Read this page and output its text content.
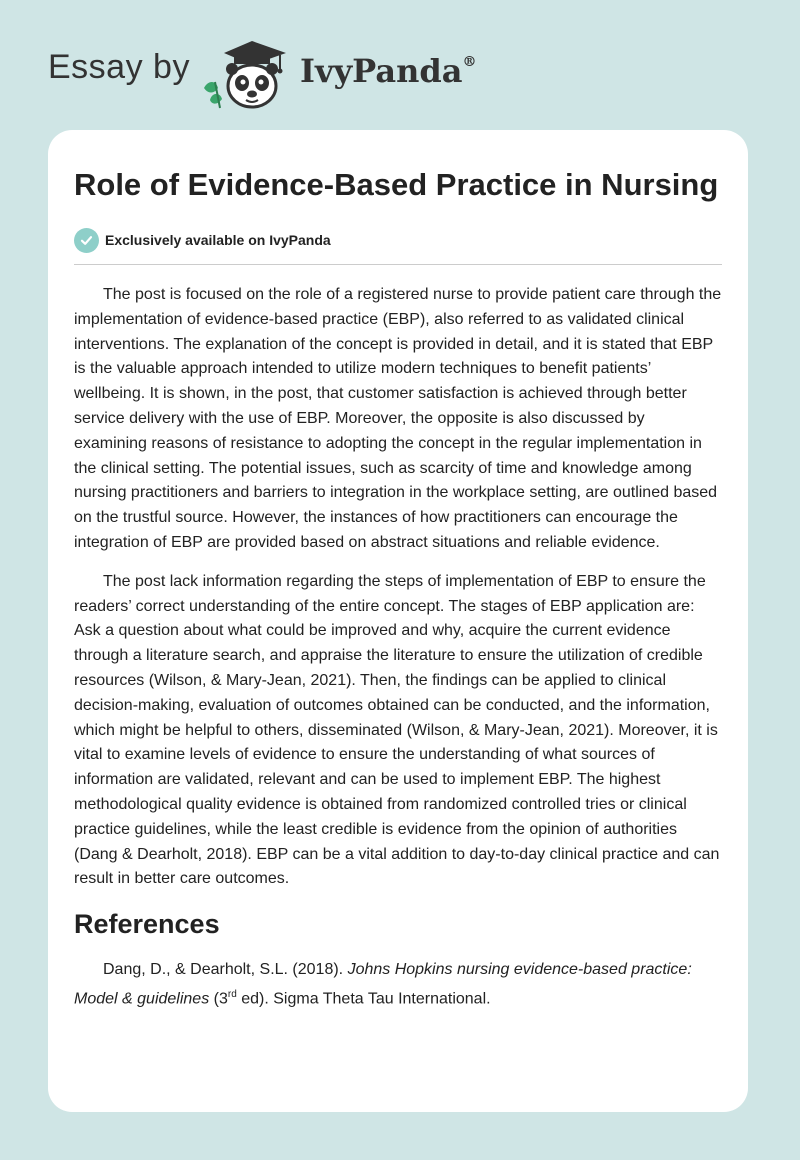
Essay by	IvyPanda®
Role of Evidence-Based Practice in Nursing
Exclusively available on IvyPanda

The post is focused on the role of a registered nurse to provide patient care through the implementation of evidence-based practice (EBP), also referred to as validated clinical interventions. The explanation of the concept is provided in detail, and it is stated that EBP is the valuable approach intended to utilize modern techniques to benefit patients’ wellbeing. It is shown, in the post, that customer satisfaction is achieved through better service delivery with the use of EBP. Moreover, the opposite is also discussed by examining reasons of resistance to adopting the concept in the regular implementation in the clinical setting. The potential issues, such as scarcity of time and knowledge among nursing practitioners and barriers to integration in the workplace setting, are outlined based on the trustful source. However, the instances of how practitioners can encourage the integration of EBP are provided based on abstract situations and reliable evidence.

The post lack information regarding the steps of implementation of EBP to ensure the readers’ correct understanding of the entire concept. The stages of EBP application are: Ask a question about what could be improved and why, acquire the current evidence through a literature search, and appraise the literature to ensure the utilization of credible resources (Wilson, & Mary-Jean, 2021). Then, the findings can be applied to clinical decision-making, evaluation of outcomes obtained can be conducted, and the information, which might be helpful to others, disseminated (Wilson, & Mary-Jean, 2021). Moreover, it is vital to examine levels of evidence to ensure the understanding of what sources of information are validated, relevant and can be used to implement EBP. The highest methodological quality evidence is obtained from randomized controlled tries or clinical practice guidelines, while the least credible is evidence from the opinion of authorities (Dang & Dearholt, 2018). EBP can be a vital addition to day-to-day clinical practice and can result in better care outcomes.

References

Dang, D., & Dearholt, S.L. (2018). Johns Hopkins nursing evidence-based practice: Model & guidelines (3rd ed). Sigma Theta Tau International.
